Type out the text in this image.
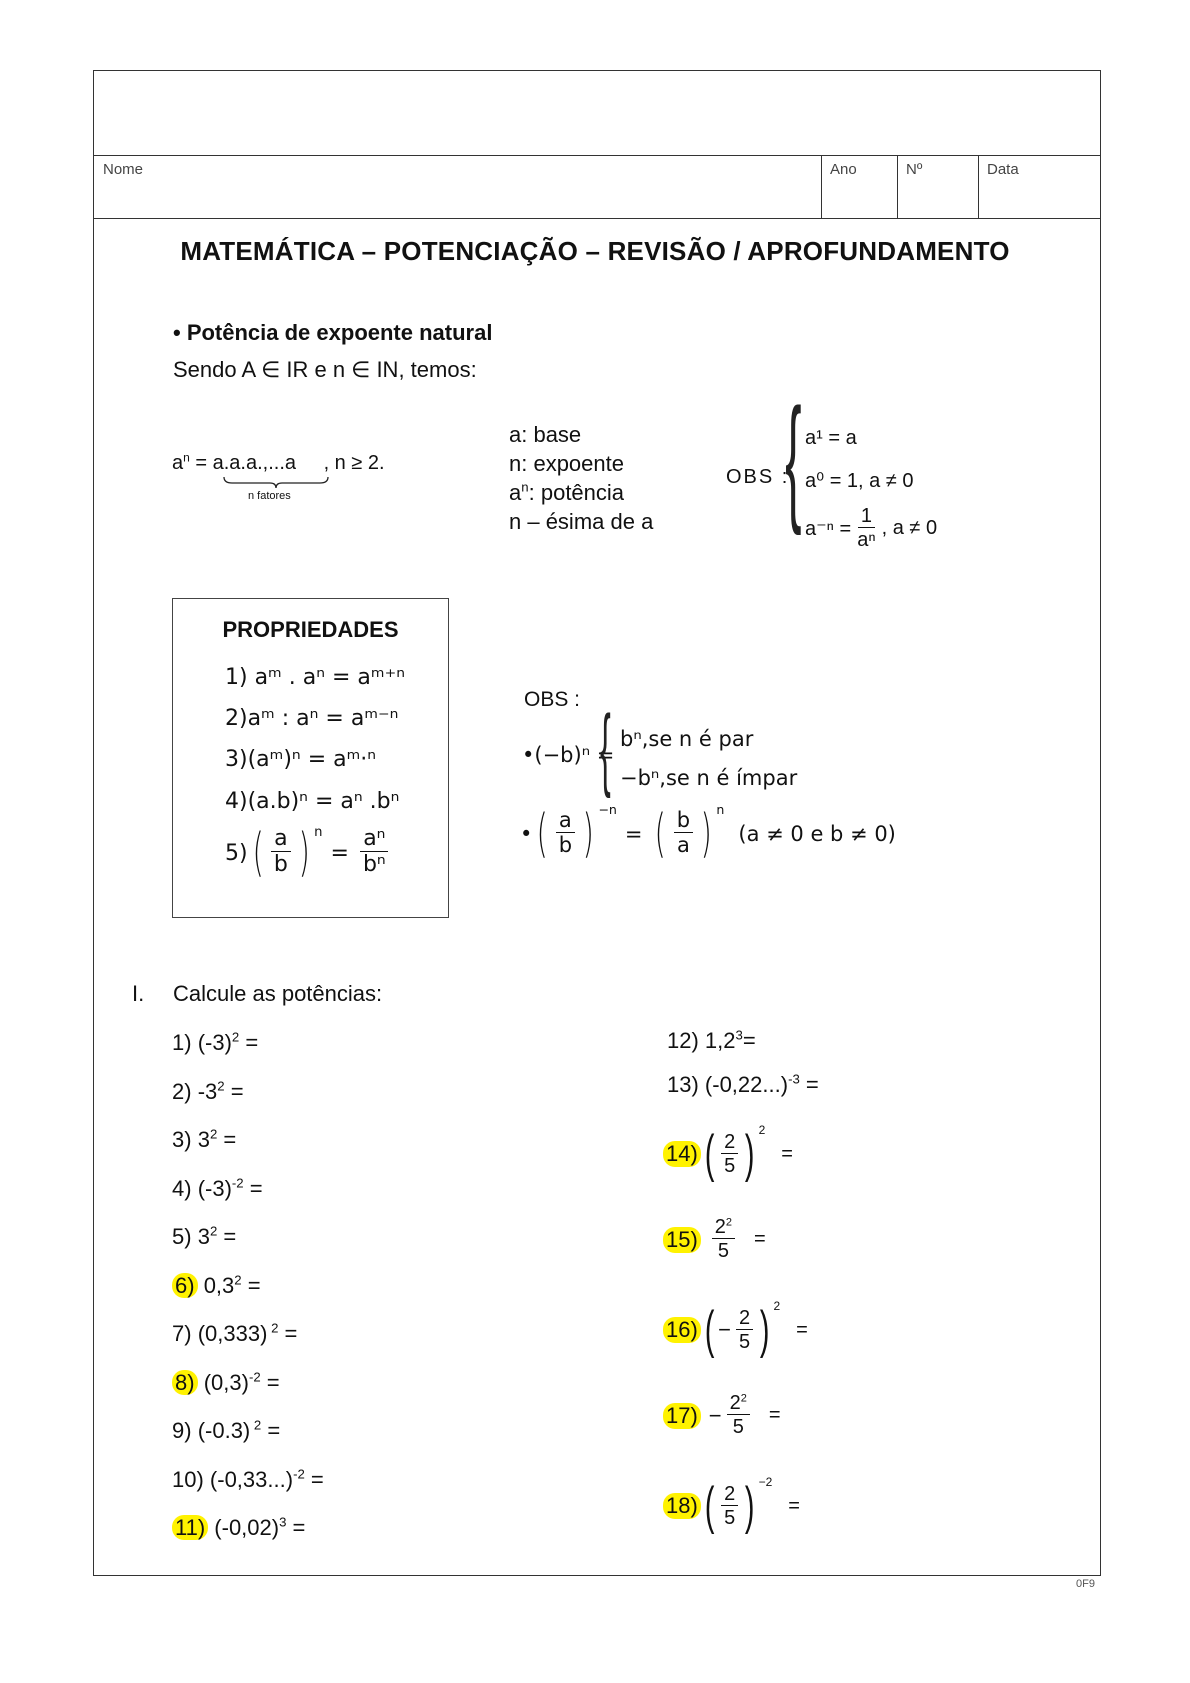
Nome	Ano	Nº	Data
MATEMÁTICA – POTENCIAÇÃO – REVISÃO / APROFUNDAMENTO
• Potência de expoente natural
Sendo A ∈ IR e n ∈ IN, temos:
$a^n = a.a.a.,...a$ , n ≥ 2.
n fatores
a: base
n: expoente
$a^n$: potência
n – ésima de a
OBS :
{ a¹ = a
a⁰ = 1, a ≠ 0
$a^{-n} = \frac{1}{\text{aⁿ}}$ , a ≠ 0
PROPRIEDADES
1) aᵐ . aⁿ = aᵐ⁺ⁿ
2)aᵐ : aⁿ = aᵐ⁻ⁿ
3)(aᵐ)ⁿ = aᵐ·ⁿ
4)(a.b)ⁿ = aⁿ .bⁿ
5) ( $\frac{a}{b}$ ) n
= $\frac{\text{aⁿ}}{\text{bⁿ}}$
OBS :
•(−b)ⁿ =
{ bⁿ,se n é par
−bⁿ,se n é ímpar
• ( $\frac{a}{b}$ ) −n
= ( $\frac{b}{a}$ ) n
(a ≠ 0 e b ≠ 0)
I. Calcule as potências:
1) $(-3)^2$ =
2) $-3^2$ =
3) $3^2$ =
4) $(-3)^{-2}$ =
5) $3^2$ =
6) $0,3^2$ =
7) (0,333) $^2$ =
8) $(0,3)^{-2}$ =
9) (-0.3) $^2$ =
10) $(-0,33...)^{-2}$ =
11) $(-0,02)^3$ =
12) $1,2^3=$
13) $(-0,22...)^{-3}$ =
14) ( $\frac{2}{5}$ ) 2
=
$15) \frac{2^2}{5}$ =
16) ( − $\frac{2}{5}$ ) 2
=
$17) - \frac{2^2}{5}$ =
18) ( $\frac{2}{5}$ ) −2
=
0F9
